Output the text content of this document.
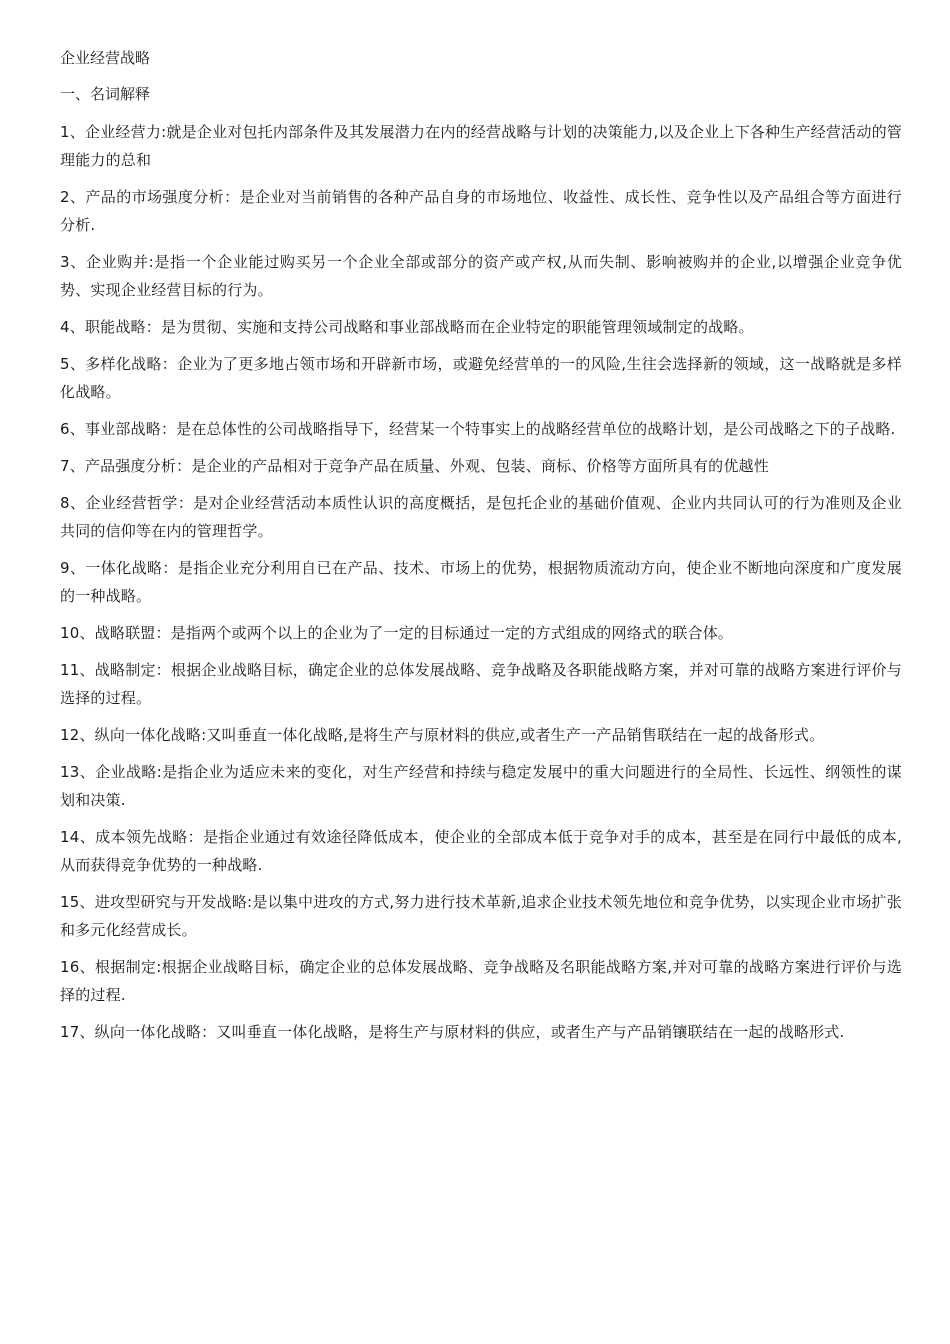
企业经营战略
一、名词解释

1、企业经营力:就是企业对包托内部条件及其发展潜力在内的经营战略与计划的决策能力,以及企业上下各种生产经营活动的管理能力的总和

2、产品的市场强度分析：是企业对当前销售的各种产品自身的市场地位、收益性、成长性、竞争性以及产品组合等方面进行分析.

3、企业购并:是指一个企业能过购买另一个企业全部或部分的资产或产权,从而失制、影响被购并的企业,以增强企业竞争优势、实现企业经营目标的行为。

4、职能战略：是为贯彻、实施和支持公司战略和事业部战略而在企业特定的职能管理领域制定的战略。

5、多样化战略：企业为了更多地占领市场和开辟新市场，或避免经营单的一的风险,生往会选择新的领域，这一战略就是多样化战略。

6、事业部战略：是在总体性的公司战略指导下，经营某一个特事实上的战略经营单位的战略计划，是公司战略之下的子战略.

7、产品强度分析：是企业的产品相对于竞争产品在质量、外观、包装、商标、价格等方面所具有的优越性

8、企业经营哲学：是对企业经营活动本质性认识的高度概括，是包托企业的基础价值观、企业内共同认可的行为准则及企业共同的信仰等在内的管理哲学。

9、一体化战略：是指企业充分利用自已在产品、技术、市场上的优势，根据物质流动方向，使企业不断地向深度和广度发展的一种战略。

10、战略联盟：是指两个或两个以上的企业为了一定的目标通过一定的方式组成的网络式的联合体。

11、战略制定：根据企业战略目标，确定企业的总体发展战略、竞争战略及各职能战略方案，并对可靠的战略方案进行评价与选择的过程。

12、纵向一体化战略:又叫垂直一体化战略,是将生产与原材料的供应,或者生产一产品销售联结在一起的战备形式。

13、企业战略:是指企业为适应未来的变化，对生产经营和持续与稳定发展中的重大问题进行的全局性、长远性、纲领性的谋划和决策.

14、成本领先战略：是指企业通过有效途径降低成本，使企业的全部成本低于竞争对手的成本，甚至是在同行中最低的成本,从而获得竞争优势的一种战略.

15、进攻型研究与开发战略:是以集中进攻的方式,努力进行技术革新,追求企业技术领先地位和竞争优势，以实现企业市场扩张和多元化经营成长。

16、根据制定:根据企业战略目标，确定企业的总体发展战略、竞争战略及名职能战略方案,并对可靠的战略方案进行评价与选择的过程.

17、纵向一体化战略：又叫垂直一体化战略，是将生产与原材料的供应，或者生产与产品销镶联结在一起的战略形式.
